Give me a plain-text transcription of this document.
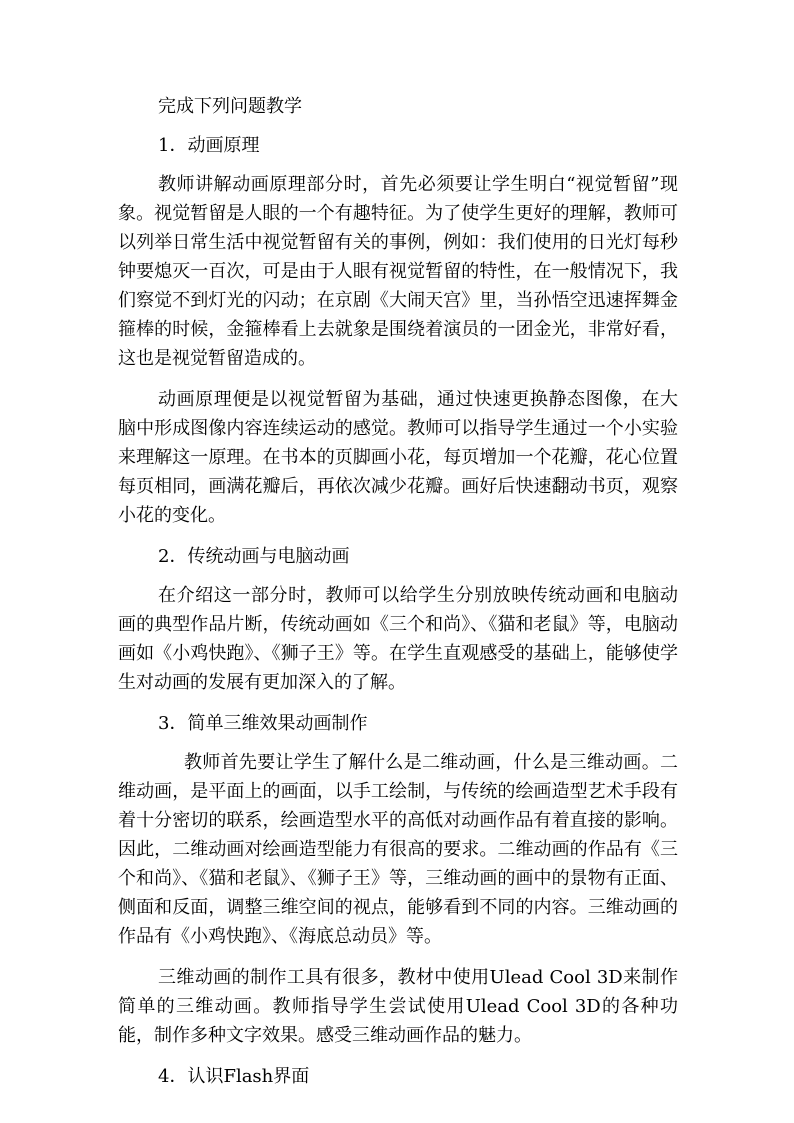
完成下列问题教学

1．动画原理

教师讲解动画原理部分时，首先必须要让学生明白“视觉暂留”现象。视觉暂留是人眼的一个有趣特征。为了使学生更好的理解，教师可以列举日常生活中视觉暂留有关的事例，例如：我们使用的日光灯每秒钟要熄灭一百次，可是由于人眼有视觉暂留的特性，在一般情况下，我们察觉不到灯光的闪动；在京剧《大闹天宫》里，当孙悟空迅速挥舞金箍棒的时候，金箍棒看上去就象是围绕着演员的一团金光，非常好看，这也是视觉暂留造成的。

动画原理便是以视觉暂留为基础，通过快速更换静态图像，在大脑中形成图像内容连续运动的感觉。教师可以指导学生通过一个小实验来理解这一原理。在书本的页脚画小花，每页增加一个花瓣，花心位置每页相同，画满花瓣后，再依次减少花瓣。画好后快速翻动书页，观察小花的变化。

2．传统动画与电脑动画

在介绍这一部分时，教师可以给学生分别放映传统动画和电脑动画的典型作品片断，传统动画如《三个和尚》、《猫和老鼠》等，电脑动画如《小鸡快跑》、《狮子王》等。在学生直观感受的基础上，能够使学生对动画的发展有更加深入的了解。

3．简单三维效果动画制作

教师首先要让学生了解什么是二维动画，什么是三维动画。二维动画，是平面上的画面，以手工绘制，与传统的绘画造型艺术手段有着十分密切的联系，绘画造型水平的高低对动画作品有着直接的影响。因此，二维动画对绘画造型能力有很高的要求。二维动画的作品有《三个和尚》、《猫和老鼠》、《狮子王》等，三维动画的画中的景物有正面、侧面和反面，调整三维空间的视点，能够看到不同的内容。三维动画的作品有《小鸡快跑》、《海底总动员》等。

三维动画的制作工具有很多，教材中使用Ulead Cool 3D来制作简单的三维动画。教师指导学生尝试使用Ulead Cool 3D的各种功能，制作多种文字效果。感受三维动画作品的魅力。

4．认识Flash界面
